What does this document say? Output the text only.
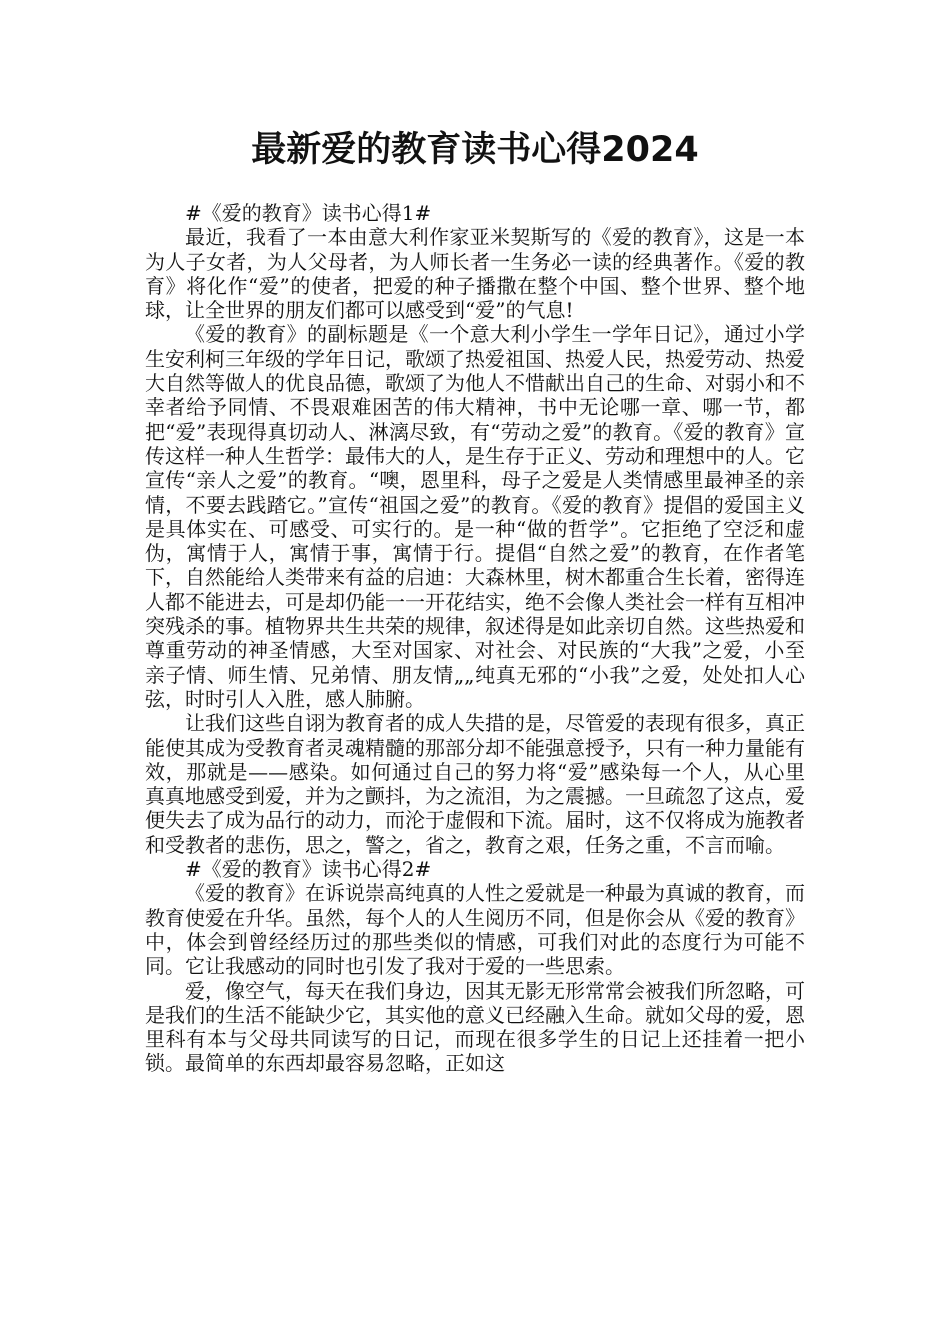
最新爱的教育读书心得2024

#《爱的教育》读书心得1#

最近，我看了一本由意大利作家亚米契斯写的《爱的教育》，这是一本为人子女者，为人父母者，为人师长者一生务必一读的经典著作。《爱的教育》将化作“爱”的使者，把爱的种子播撒在整个中国、整个世界、整个地球，让全世界的朋友们都可以感受到“爱”的气息!

《爱的教育》的副标题是《一个意大利小学生一学年日记》，通过小学生安利柯三年级的学年日记，歌颂了热爱祖国、热爱人民，热爱劳动、热爱大自然等做人的优良品德，歌颂了为他人不惜献出自己的生命、对弱小和不幸者给予同情、不畏艰难困苦的伟大精神，书中无论哪一章、哪一节，都把“爱”表现得真切动人、淋漓尽致，有“劳动之爱”的教育。《爱的教育》宣传这样一种人生哲学：最伟大的人，是生存于正义、劳动和理想中的人。它宣传“亲人之爱”的教育。“噢，恩里科，母子之爱是人类情感里最神圣的亲情，不要去践踏它。”宣传“祖国之爱”的教育。《爱的教育》提倡的爱国主义是具体实在、可感受、可实行的。是一种“做的哲学”。它拒绝了空泛和虚伪，寓情于人，寓情于事，寓情于行。提倡“自然之爱”的教育，在作者笔下，自然能给人类带来有益的启迪：大森林里，树木都重合生长着，密得连人都不能进去，可是却仍能一一开花结实，绝不会像人类社会一样有互相冲突残杀的事。植物界共生共荣的规律，叙述得是如此亲切自然。这些热爱和尊重劳动的神圣情感，大至对国家、对社会、对民族的“大我”之爱，小至亲子情、师生情、兄弟情、朋友情„„纯真无邪的“小我”之爱，处处扣人心弦，时时引人入胜，感人肺腑。

让我们这些自诩为教育者的成人失措的是，尽管爱的表现有很多，真正能使其成为受教育者灵魂精髓的那部分却不能强意授予，只有一种力量能有效，那就是——感染。如何通过自己的努力将“爱”感染每一个人，从心里真真地感受到爱，并为之颤抖，为之流泪，为之震撼。一旦疏忽了这点，爱便失去了成为品行的动力，而沦于虚假和下流。届时，这不仅将成为施教者和受教者的悲伤，思之，警之，省之，教育之艰，任务之重，不言而喻。

#《爱的教育》读书心得2#

《爱的教育》在诉说崇高纯真的人性之爱就是一种最为真诚的教育，而教育使爱在升华。虽然，每个人的人生阅历不同，但是你会从《爱的教育》中，体会到曾经经历过的那些类似的情感，可我们对此的态度行为可能不同。它让我感动的同时也引发了我对于爱的一些思索。

爱，像空气，每天在我们身边，因其无影无形常常会被我们所忽略，可是我们的生活不能缺少它，其实他的意义已经融入生命。就如父母的爱，恩里科有本与父母共同读写的日记，而现在很多学生的日记上还挂着一把小锁。最简单的东西却最容易忽略，正如这
